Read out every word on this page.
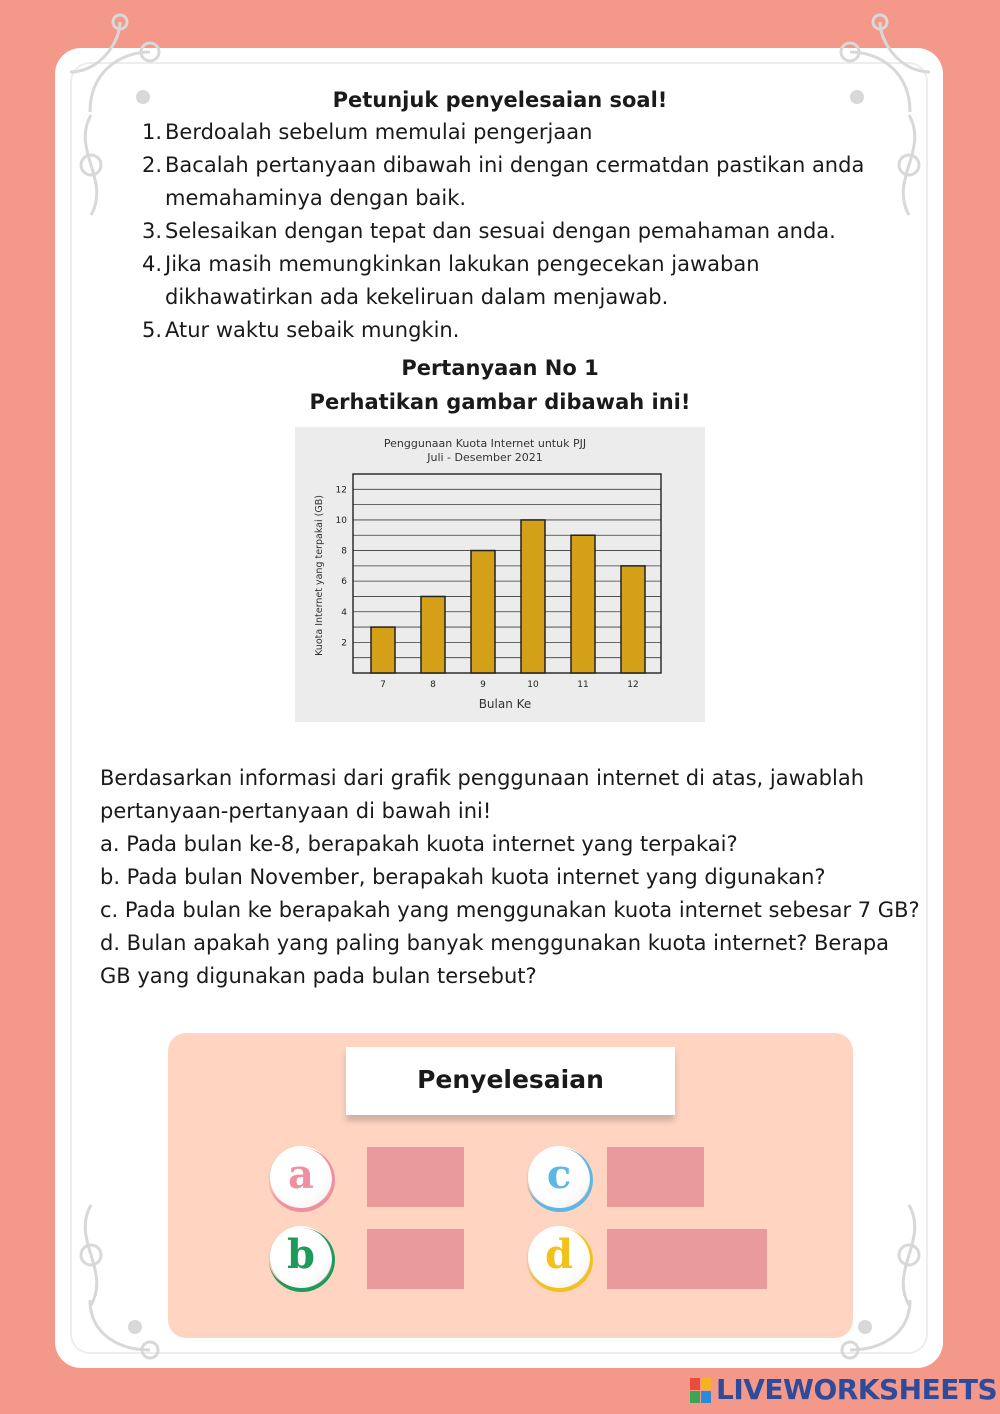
Petunjuk penyelesaian soal!
1. Berdoalah sebelum memulai pengerjaan
2. Bacalah pertanyaan dibawah ini dengan cermatdan pastikan anda memahaminya dengan baik.
3. Selesaikan dengan tepat dan sesuai dengan pemahaman anda.
4. Jika masih memungkinkan lakukan pengecekan jawaban dikhawatirkan ada kekeliruan dalam menjawab.
5. Atur waktu sebaik mungkin.
Pertanyaan No 1
Perhatikan gambar dibawah ini!
Penggunaan Kuota Internet untuk PJJ
Juli - Desember 2021
2
4
6
8
10
12
7	8	9	10	11	12
Bulan Ke
Kuota Internet yang terpakai (GB)

Berdasarkan informasi dari grafik penggunaan internet di atas, jawablah pertanyaan-pertanyaan di bawah ini!

a. Pada bulan ke-8, berapakah kuota internet yang terpakai?

b. Pada bulan November, berapakah kuota internet yang digunakan?

c. Pada bulan ke berapakah yang menggunakan kuota internet sebesar 7 GB?

d. Bulan apakah yang paling banyak menggunakan kuota internet? Berapa GB yang digunakan pada bulan tersebut?

Penyelesaian
a	c
b	d
LIVEWORKSHEETS
